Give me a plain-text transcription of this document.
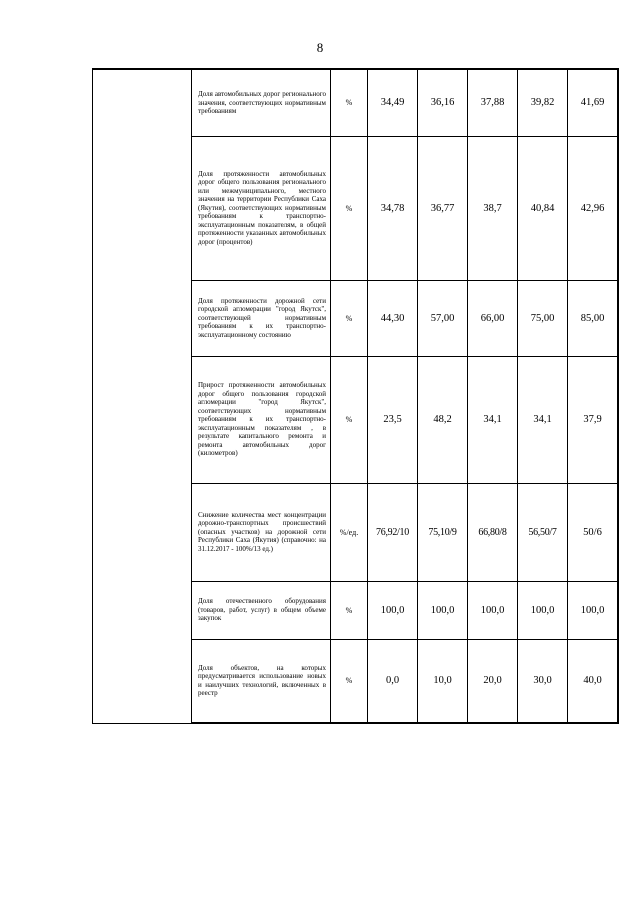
8

	Доля автомобильных дорог регионального значения, соответствующих нормативным требованиям	%	34,49	36,16	37,88	39,82	41,69

	Доля протяженности автомобильных дорог общего пользования регионального или межмуниципального, местного значения на территории Республики Саха (Якутия), соответствующих нормативным требованиям к транспортно-эксплуатационным показателям, в общей протяженности указанных автомобильных дорог (процентов)	%	34,78	36,77	38,7	40,84	42,96

	Доля протяженности дорожной сети городской агломерации "город Якутск", соответствующей нормативным требованиям к их транспортно-эксплуатационному состоянию	%	44,30	57,00	66,00	75,00	85,00

	Прирост протяженности автомобильных дорог общего пользования городской агломерации "город Якутск", соответствующих нормативным требованиям к их транспортно-эксплуатационным показателям , в результате капитального ремонта и ремонта автомобильных дорог (километров)	%	23,5	48,2	34,1	34,1	37,9

	Снижение количества мест концентрации дорожно-транспортных происшествий (опасных участков) на дорожной сети Республики Саха (Якутия) (справочно: на 31.12.2017 - 100%/13 ед.)	%/ед.	76,92/10	75,10/9	66,80/8	56,50/7	50/6

	Доля отечественного оборудования (товаров, работ, услуг) в общем объеме закупок	%	100,0	100,0	100,0	100,0	100,0

	Доля объектов, на которых предусматривается использование новых и наилучших технологий, включенных в реестр	%	0,0	10,0	20,0	30,0	40,0
